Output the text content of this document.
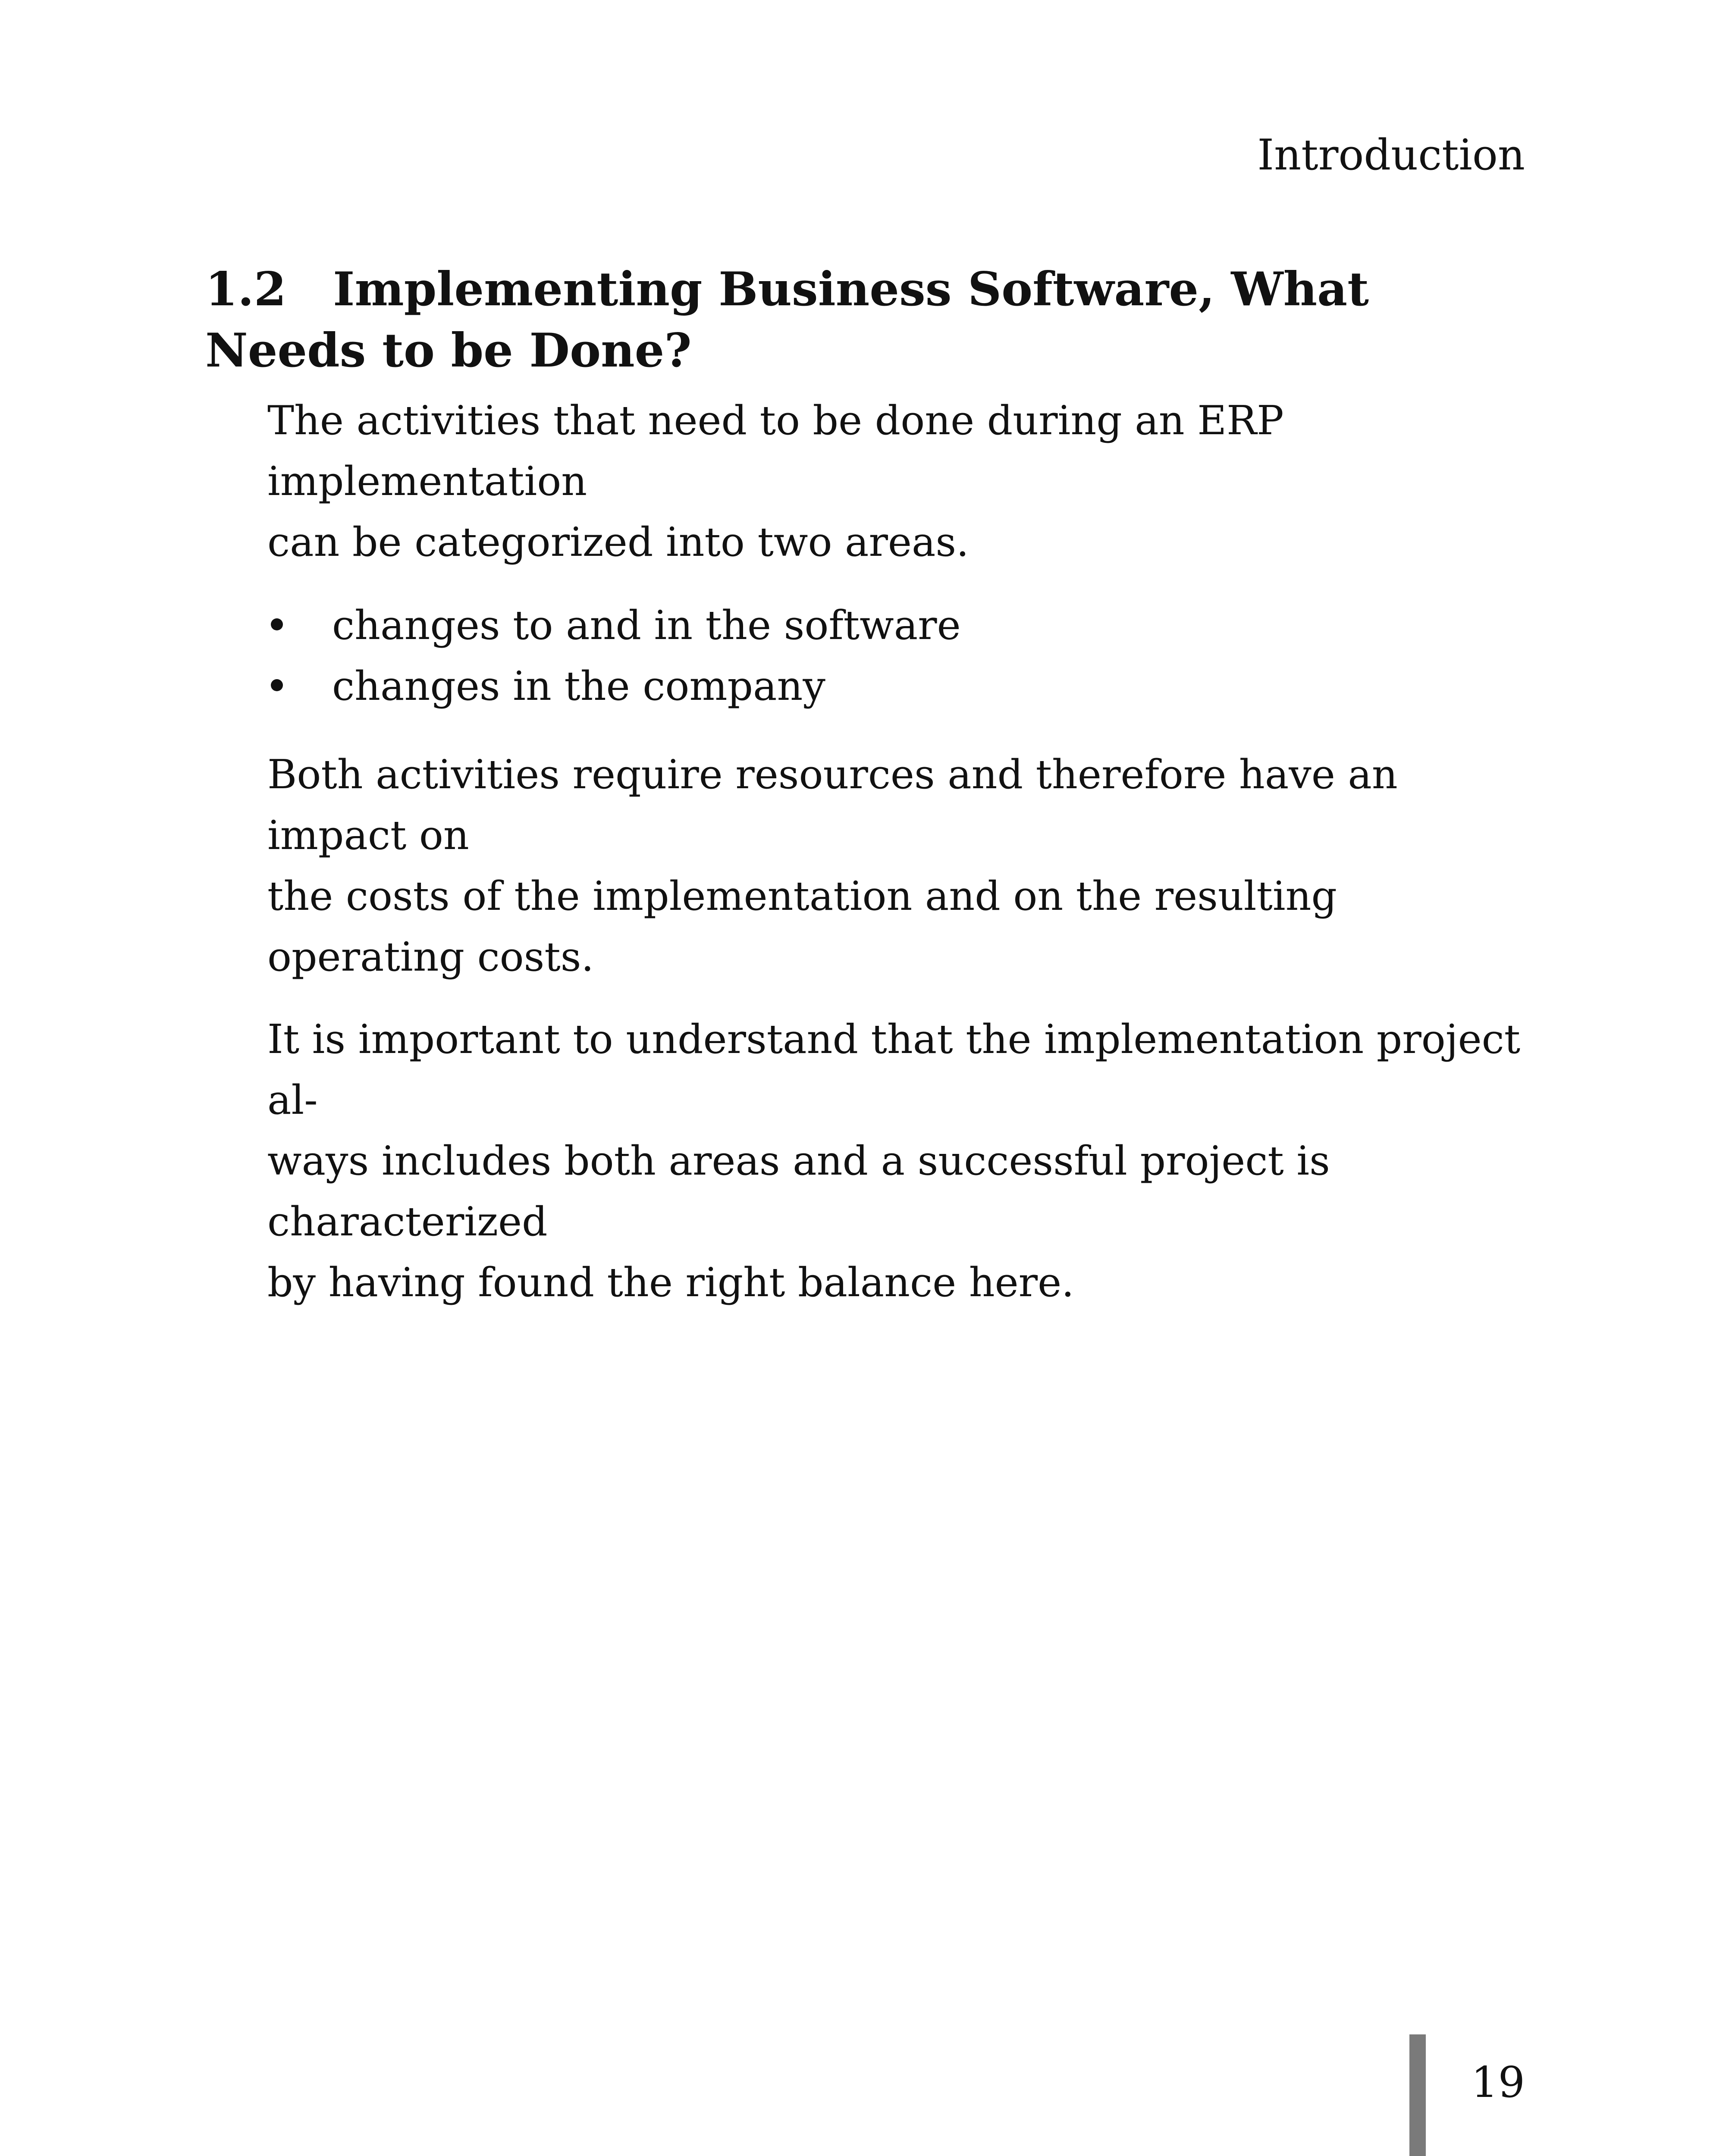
Introduction
1.2 Implementing Business Software, What Needs to be Done?

The activities that need to be done during an ERP implementation
can be categorized into two areas.

changes to and in the software
changes in the company

Both activities require resources and therefore have an impact on
the costs of the implementation and on the resulting operating costs.

It is important to understand that the implementation project al-
ways includes both areas and a successful project is characterized
by having found the right balance here.

19
